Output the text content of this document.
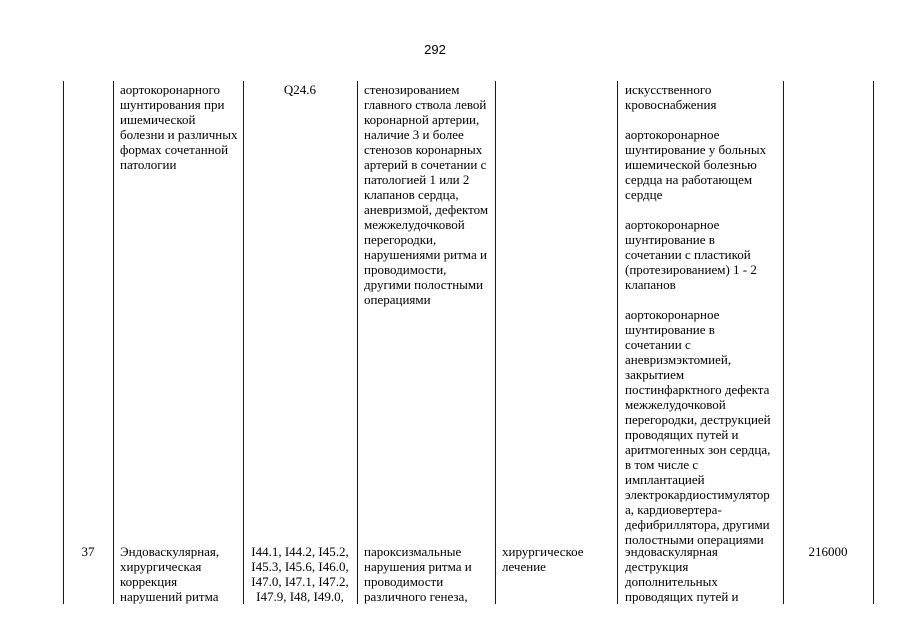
292
аортокоронарного
шунтирования при
ишемической
болезни и различных
формах сочетанной
патологии
Q24.6	стенозированием
главного ствола левой
коронарной артерии,
наличие 3 и более
стенозов коронарных
артерий в сочетании с
патологией 1 или 2
клапанов сердца,
аневризмой, дефектом
межжелудочковой
перегородки,
нарушениями ритма и
проводимости,
другими полостными
операциями
искусственного
кровоснабжения

аортокоронарное
шунтирование у больных
ишемической болезнью
сердца на работающем
сердце

аортокоронарное
шунтирование в
сочетании с пластикой
(протезированием) 1 - 2
клапанов

аортокоронарное
шунтирование в
сочетании с
аневризмэктомией,
закрытием
постинфарктного дефекта
межжелудочковой
перегородки, деструкцией
проводящих путей и
аритмогенных зон сердца,
в том числе с
имплантацией
электрокардиостимулятор
а, кардиовертера-
дефибриллятора, другими
полостными операциями
37	Эндоваскулярная,
хирургическая
коррекция
нарушений ритма
I44.1, I44.2, I45.2,
I45.3, I45.6, I46.0,
I47.0, I47.1, I47.2,
I47.9, I48, I49.0,
пароксизмальные
нарушения ритма и
проводимости
различного генеза,
хирургическое
лечение
эндоваскулярная
деструкция
дополнительных
проводящих путей и
216000
